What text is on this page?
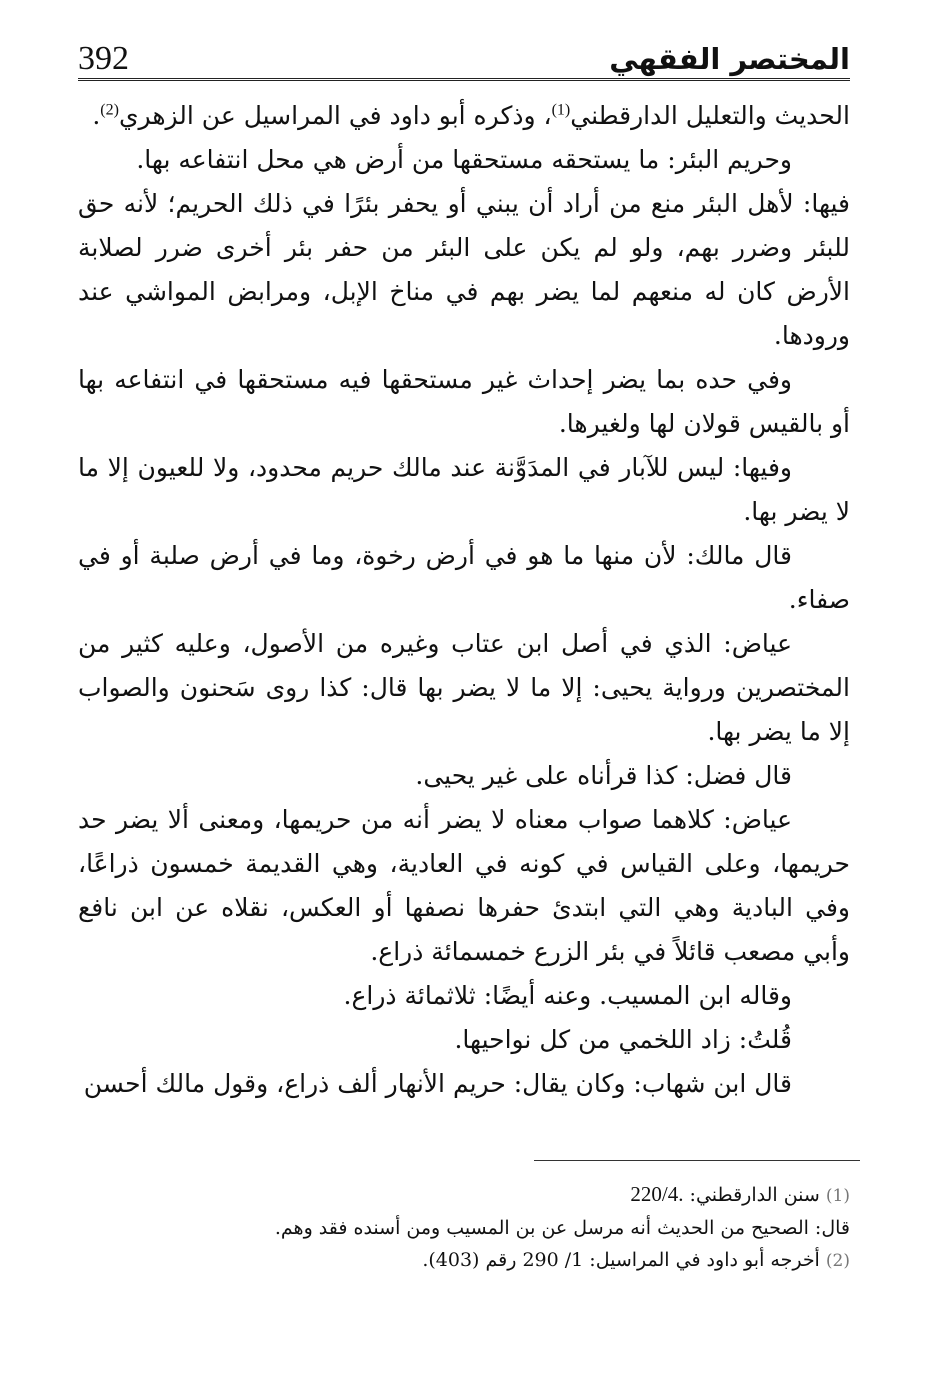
المختصر الفقهي
392

الحديث والتعليل الدارقطني$^{(1)}$، وذكره أبو داود في المراسيل عن الزهري$^{(2)}$.

وحريم البئر: ما يستحقه مستحقها من أرض هي محل انتفاعه بها.

فيها: لأهل البئر منع من أراد أن يبني أو يحفر بئرًا في ذلك الحريم؛ لأنه حق للبئر وضرر بهم، ولو لم يكن على البئر من حفر بئر أخرى ضرر لصلابة الأرض كان له منعهم لما يضر بهم في مناخ الإبل، ومرابض المواشي عند ورودها.

وفي حده بما يضر إحداث غير مستحقها فيه مستحقها في انتفاعه بها أو بالقيس قولان لها ولغيرها.

وفيها: ليس للآبار في المدَوَّنة عند مالك حريم محدود، ولا للعيون إلا ما لا يضر بها.

قال مالك: لأن منها ما هو في أرض رخوة، وما في أرض صلبة أو في صفاء.

عياض: الذي في أصل ابن عتاب وغيره من الأصول، وعليه كثير من المختصرين ورواية يحيى: إلا ما لا يضر بها قال: كذا روى سَحنون والصواب إلا ما يضر بها.

قال فضل: كذا قرأناه على غير يحيى.

عياض: كلاهما صواب معناه لا يضر أنه من حريمها، ومعنى ألا يضر حد حريمها، وعلى القياس في كونه في العادية، وهي القديمة خمسون ذراعًا، وفي البادية وهي التي ابتدئ حفرها نصفها أو العكس، نقلاه عن ابن نافع وأبي مصعب قائلاً في بئر الزرع خمسمائة ذراع.

وقاله ابن المسيب. وعنه أيضًا: ثلاثمائة ذراع.

قُلتُ: زاد اللخمي من كل نواحيها.

قال ابن شهاب: وكان يقال: حريم الأنهار ألف ذراع، وقول مالك أحسن

(1) سنن الدارقطني: 220/4.

قال: الصحيح من الحديث أنه مرسل عن بن المسيب ومن أسنده فقد وهم.

(2) أخرجه أبو داود في المراسيل: 1/ 290 رقم (403).
